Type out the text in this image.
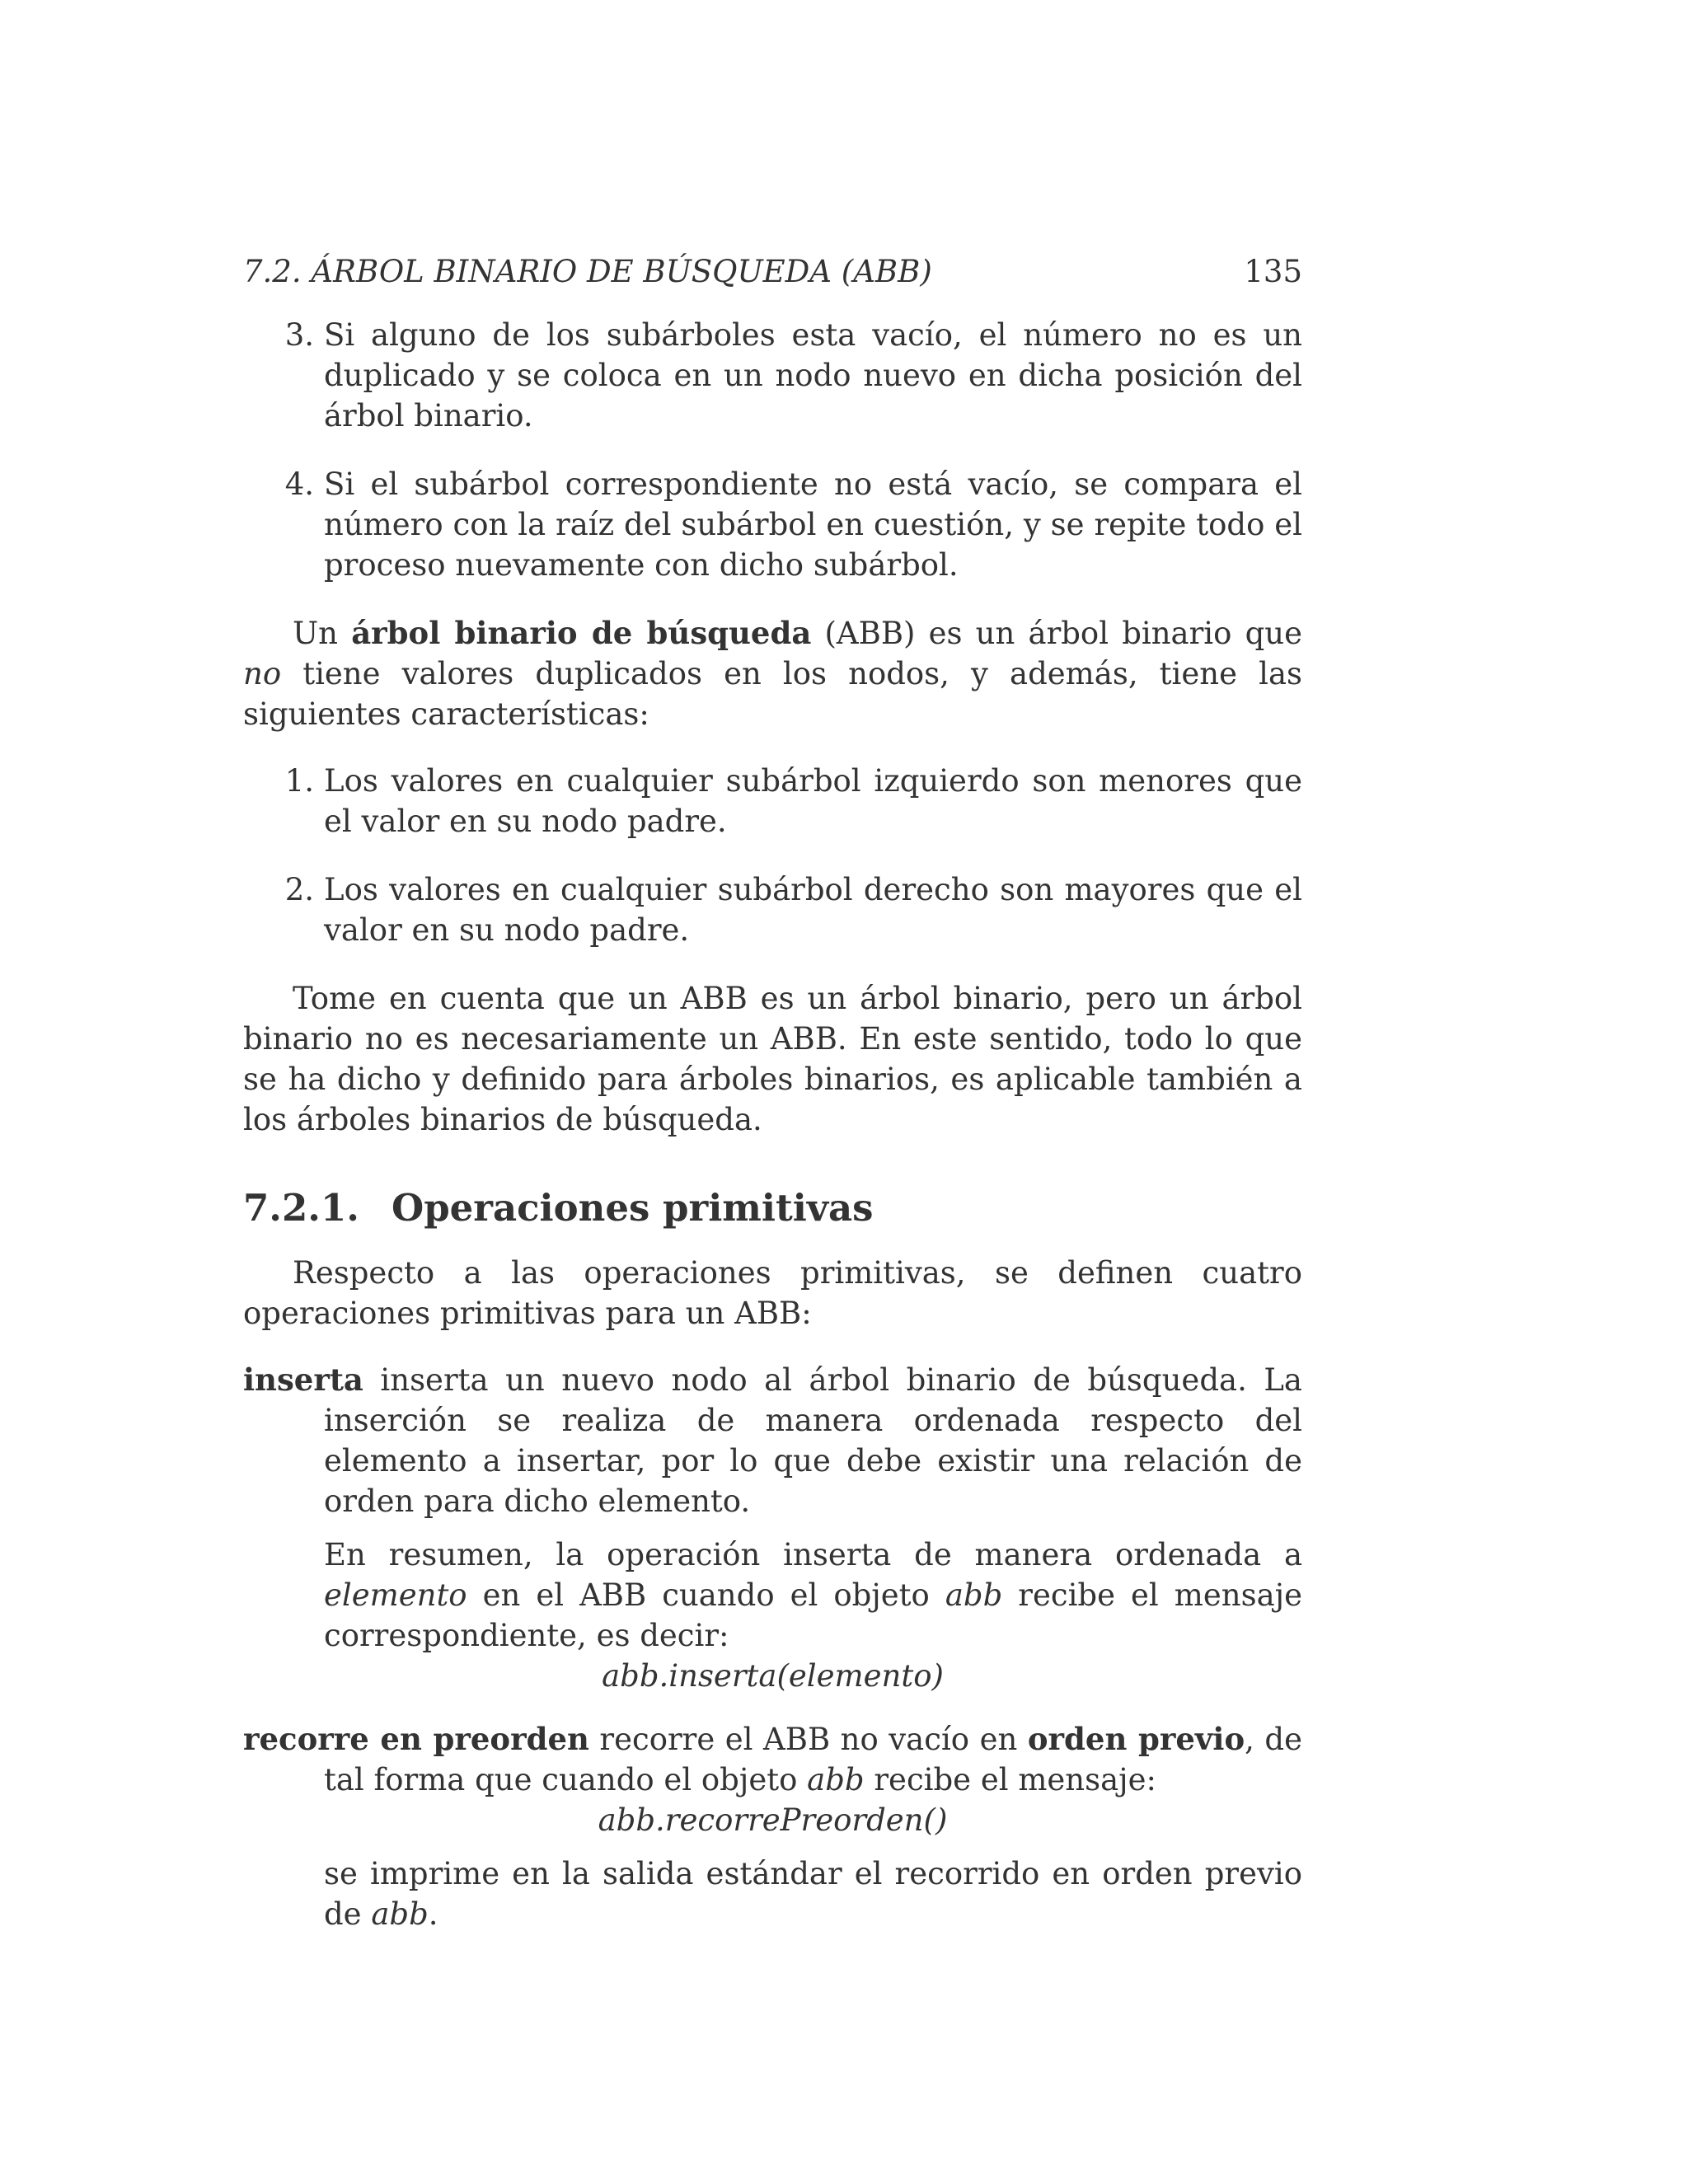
7.2. ÁRBOL BINARIO DE BÚSQUEDA (ABB)	135
3. Si alguno de los subárboles esta vacío, el número no es un duplicado y se coloca en un nodo nuevo en dicha posición del árbol binario.
4. Si el subárbol correspondiente no está vacío, se compara el número con la raíz del subárbol en cuestión, y se repite todo el proceso nuevamente con dicho subárbol.

Un árbol binario de búsqueda (ABB) es un árbol binario que no tiene valores duplicados en los nodos, y además, tiene las siguientes características:

1. Los valores en cualquier subárbol izquierdo son menores que el valor en su nodo padre.
2. Los valores en cualquier subárbol derecho son mayores que el valor en su nodo padre.

Tome en cuenta que un ABB es un árbol binario, pero un árbol binario no es necesariamente un ABB. En este sentido, todo lo que se ha dicho y definido para árboles binarios, es aplicable también a los árboles binarios de búsqueda.

7.2.1. Operaciones primitivas

Respecto a las operaciones primitivas, se definen cuatro operaciones primitivas para un ABB:

inserta inserta un nuevo nodo al árbol binario de búsqueda. La inserción se realiza de manera ordenada respecto del elemento a insertar, por lo que debe existir una relación de orden para dicho elemento.
En resumen, la operación inserta de manera ordenada a elemento en el ABB cuando el objeto abb recibe el mensaje correspondiente, es decir:
abb.inserta(elemento)
recorre en preorden recorre el ABB no vacío en orden previo, de tal forma que cuando el objeto abb recibe el mensaje:
abb.recorrePreorden()
se imprime en la salida estándar el recorrido en orden previo de abb.
